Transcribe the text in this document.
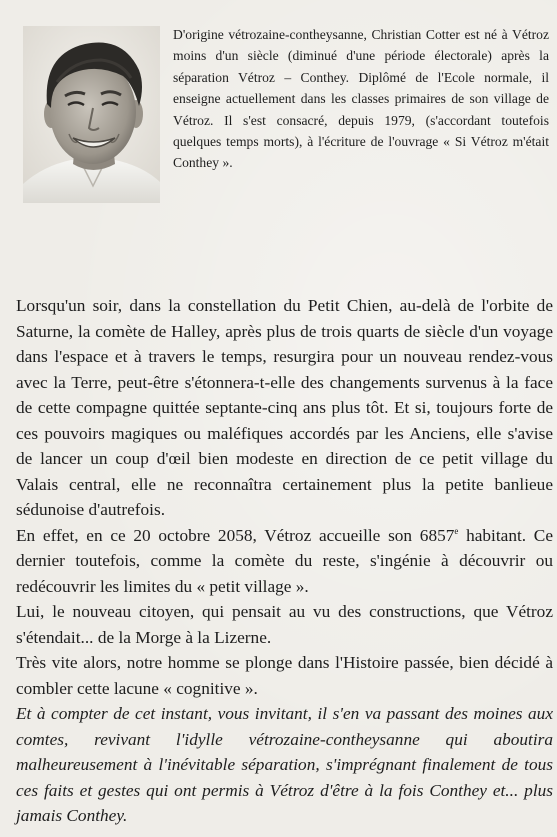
D'origine vétrozaine-contheysanne, Christian Cotter est né à Vétroz moins d'un siècle (diminué d'une période électorale) après la séparation Vétroz – Conthey. Diplômé de l'Ecole normale, il enseigne actuellement dans les classes primaires de son village de Vétroz. Il s'est consacré, depuis 1979, (s'accordant toutefois quelques temps morts), à l'écriture de l'ouvrage « Si Vétroz m'était Conthey ».

Lorsqu'un soir, dans la constellation du Petit Chien, au-delà de l'orbite de Saturne, la comète de Halley, après plus de trois quarts de siècle d'un voyage dans l'espace et à travers le temps, resurgira pour un nouveau rendez-vous avec la Terre, peut-être s'étonnera-t-elle des changements survenus à la face de cette compagne quittée septante-cinq ans plus tôt. Et si, toujours forte de ces pouvoirs magiques ou maléfiques accordés par les Anciens, elle s'avise de lancer un coup d'œil bien modeste en direction de ce petit village du Valais central, elle ne reconnaîtra certainement plus la petite banlieue sédunoise d'autrefois.

En effet, en ce 20 octobre 2058, Vétroz accueille son 6857e habitant. Ce dernier toutefois, comme la comète du reste, s'ingénie à découvrir ou redécouvrir les limites du « petit village ».

Lui, le nouveau citoyen, qui pensait au vu des constructions, que Vétroz s'étendait... de la Morge à la Lizerne.

Très vite alors, notre homme se plonge dans l'Histoire passée, bien décidé à combler cette lacune « cognitive ».

Et à compter de cet instant, vous invitant, il s'en va passant des moines aux comtes, revivant l'idylle vétrozaine-contheysanne qui aboutira malheureusement à l'inévitable séparation, s'imprégnant finalement de tous ces faits et gestes qui ont permis à Vétroz d'être à la fois Conthey et... plus jamais Conthey.
